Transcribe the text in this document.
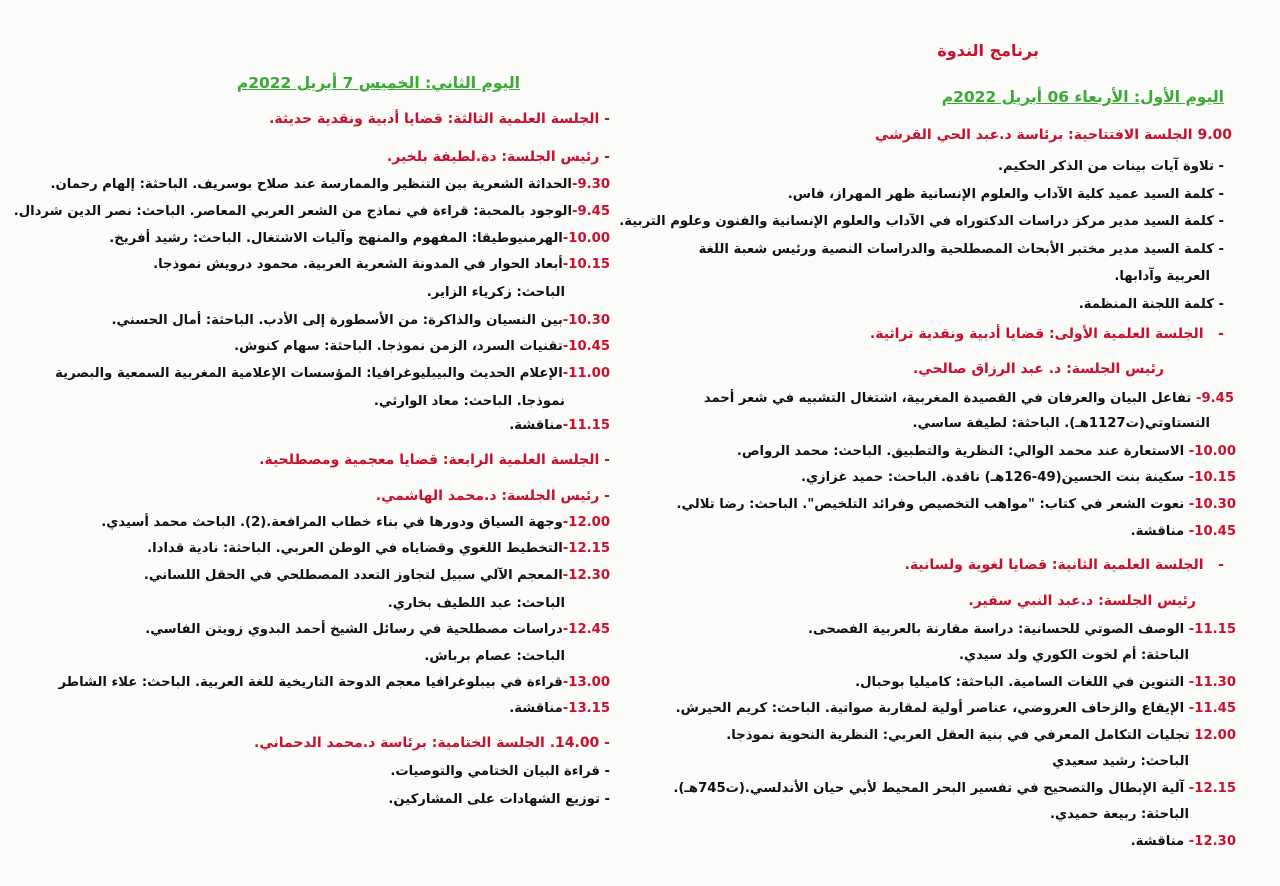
برنامج الندوة
اليوم الأول: الأربعاء 06 أبريل 2022م
9.00 الجلسة الافتتاحية: برئاسة د.عبد الحي القرشي
- تلاوة آيات بينات من الذكر الحكيم.
- كلمة السيد عميد كلية الآداب والعلوم الإنسانية ظهر المهراز، فاس.
- كلمة السيد مدير مركز دراسات الدكتوراه في الآداب والعلوم الإنسانية والفنون وعلوم التربية.
- كلمة السيد مدير مختبر الأبحاث المصطلحية والدراسات النصية ورئيس شعبة اللغة
العربية وآدابها.
- كلمة اللجنة المنظمة.
-   الجلسة العلمية الأولى: قضايا أدبية ونقدية تراثية.
رئيس الجلسة: د. عبد الرزاق صالحي.
9.45- تفاعل البيان والعرفان في القصيدة المغربية، اشتغال التشبيه في شعر أحمد
التستاوتي(ت1127هـ). الباحثة: لطيفة ساسي.
10.00- الاستعارة عند محمد الوالي: النظرية والتطبيق. الباحث: محمد الرواص.
10.15- سكينة بنت الحسين(49-126هـ) ناقدة. الباحث: حميد غزازي.
10.30- نعوت الشعر في كتاب: "مواهب التخصيص وفرائد التلخيص". الباحث: رضا تلالي.
10.45- مناقشة.
-   الجلسة العلمية الثانية: قضايا لغوية ولسانية.
رئيس الجلسة: د.عبد النبي سفير.
11.15- الوصف الصوتي للحسانية: دراسة مقارنة بالعربية الفصحى.
الباحثة: أم لخوت الكوري ولد سيدي.
11.30- التنوين في اللغات السامية. الباحثة: كاميليا بوحبال.
11.45- الإيقاع والزحاف العروضي، عناصر أولية لمقاربة صواتية. الباحث: كريم الحيرش.
12.00 تجليات التكامل المعرفي في بنية العقل العربي: النظرية النحوية نموذجا.
الباحث: رشيد سعيدي
12.15- آلية الإبطال والتصحيح في تفسير البحر المحيط لأبي حيان الأندلسي.(ت745هـ).
الباحثة: ربيعة حميدي.
12.30- مناقشة.
اليوم الثاني: الخميس 7 أبريل 2022م
- الجلسة العلمية الثالثة: قضايا أدبية ونقدية حديثة.
- رئيس الجلسة: دة.لطيفة بلخير.
9.30-الحداثة الشعرية بين التنظير والممارسة عند صلاح بوسريف. الباحثة: إلهام رحمان.
9.45-الوجود بالمحبة: قراءة في نماذج من الشعر العربي المعاصر. الباحث: نصر الدين شردال.
10.00-الهرمنيوطيقا: المفهوم والمنهج وآليات الاشتغال. الباحث: رشيد أفريخ.
10.15-أبعاد الحوار في المدونة الشعرية العربية. محمود درويش نموذجا.
الباحث: زكرياء الزاير.
10.30-بين النسيان والذاكرة: من الأسطورة إلى الأدب. الباحثة: أمال الحسني.
10.45-تقنيات السرد، الزمن نموذجا. الباحثة: سهام كنوش.
11.00-الإعلام الحديث والبيبليوغرافيا: المؤسسات الإعلامية المغربية السمعية والبصرية
نموذجا. الباحث: معاد الوارثي.
11.15-مناقشة.
- الجلسة العلمية الرابعة: قضايا معجمية ومصطلحية.
- رئيس الجلسة: د.محمد الهاشمي.
12.00-وجهة السياق ودورها في بناء خطاب المرافعة.(2). الباحث محمد أسيدي.
12.15-التخطيط اللغوي وقضاياه في الوطن العربي. الباحثة: نادية قدادا.
12.30-المعجم الآلي سبيل لتجاوز التعدد المصطلحي في الحقل اللساني.
الباحث: عبد اللطيف بخاري.
12.45-دراسات مصطلحية في رسائل الشيخ أحمد البدوي زويتن الفاسي.
الباحث: عصام برباش.
13.00-قراءة في بيبلوغرافيا معجم الدوحة التاريخية للغة العربية. الباحث: علاء الشاطر
13.15-مناقشة.
- 14.00. الجلسة الختامية: برئاسة د.محمد الدحماني.
- قراءة البيان الختامي والتوصيات.
- توزيع الشهادات على المشاركين.
